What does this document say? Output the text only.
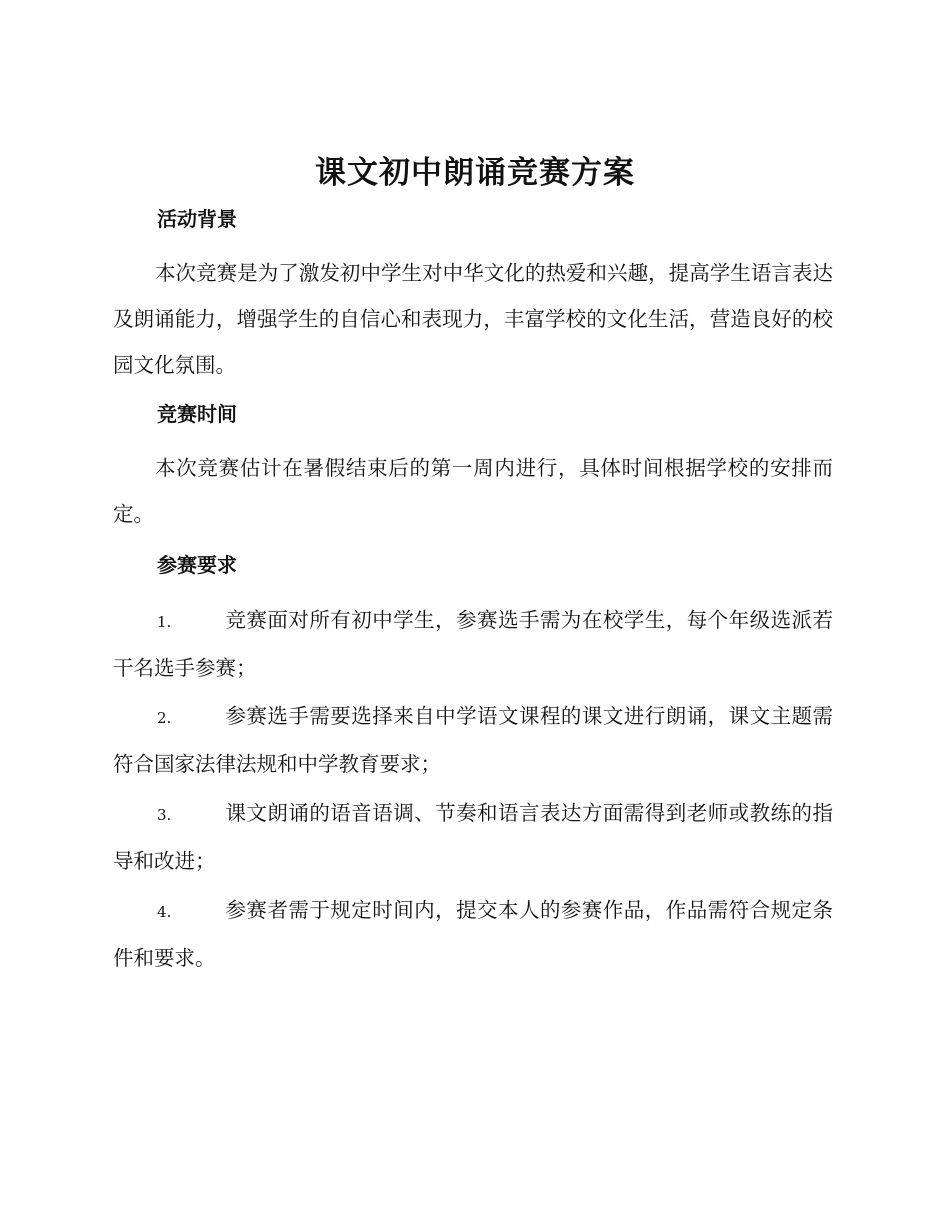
课文初中朗诵竞赛方案
活动背景

本次竞赛是为了激发初中学生对中华文化的热爱和兴趣，提高学生语言表达及朗诵能力，增强学生的自信心和表现力，丰富学校的文化生活，营造良好的校园文化氛围。

竞赛时间

本次竞赛估计在暑假结束后的第一周内进行，具体时间根据学校的安排而定。

参赛要求

1.	竞赛面对所有初中学生，参赛选手需为在校学生，每个年级选派若干名选手参赛；

2.	参赛选手需要选择来自中学语文课程的课文进行朗诵，课文主题需符合国家法律法规和中学教育要求；

3.	课文朗诵的语音语调、节奏和语言表达方面需得到老师或教练的指导和改进；

4.	参赛者需于规定时间内，提交本人的参赛作品，作品需符合规定条件和要求。
